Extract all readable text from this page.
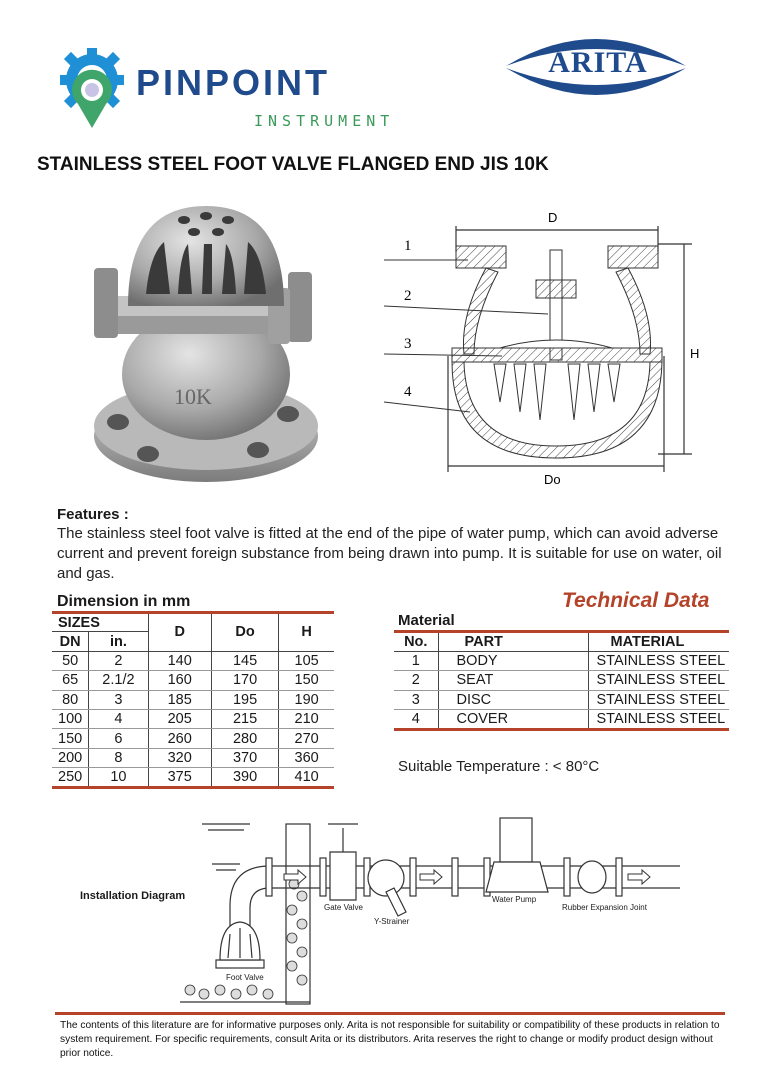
PINPOINT
INSTRUMENT
ARITA
STAINLESS STEEL FOOT VALVE FLANGED END JIS 10K
10K
1
2
3
4
D
H
Do
Features :
The stainless steel foot valve is fitted at the end of the pipe of water pump, which can avoid adverse current and prevent foreign substance from being drawn into pump. It is suitable for use on water, oil and gas.
Dimension in mm	Technical Data
SIZES		D	Do	H
DN	in.			
50	2	140	145	105
65	2.1/2	160	170	150
80	3	185	195	190
100	4	205	215	210
150	6	260	280	270
200	8	320	370	360
250	10	375	390	410
Material
No.	PART	MATERIAL
1	BODY	STAINLESS STEEL
2	SEAT	STAINLESS STEEL
3	DISC	STAINLESS STEEL
4	COVER	STAINLESS STEEL
Suitable Temperature : < 80°C
Installation Diagram
Gate Valve
Y-Strainer
Water Pump
Rubber Expansion Joint
Foot Valve
The contents of this literature are for informative purposes only. Arita is not responsible for suitability or compatibility of these products in relation to system requirement. For specific requirements, consult Arita or its distributors. Arita reserves the right to change or modify product design without prior notice.
